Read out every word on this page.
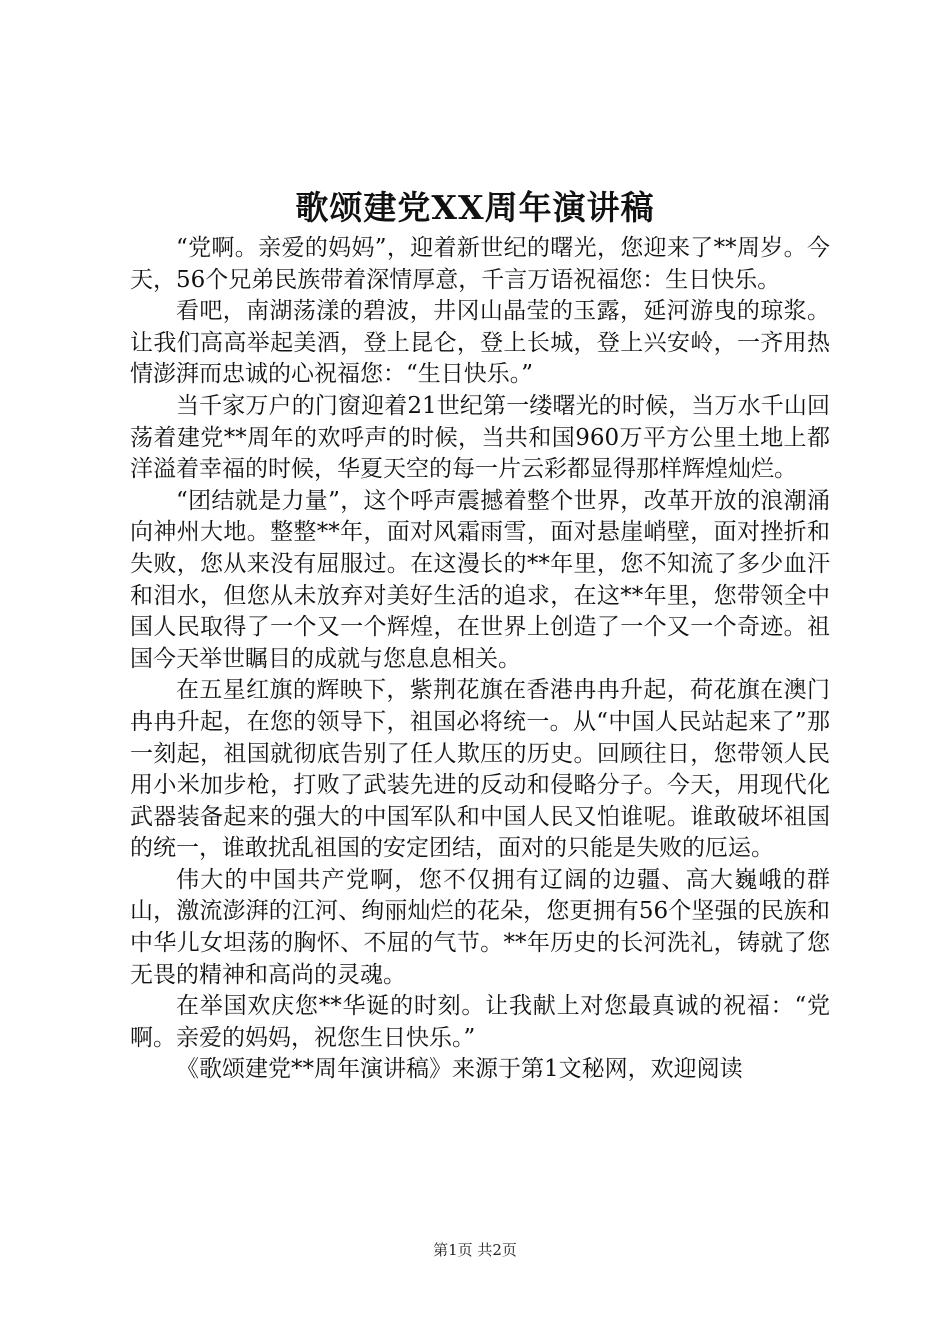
歌颂建党XX周年演讲稿

“党啊。亲爱的妈妈”，迎着新世纪的曙光，您迎来了**周岁。今天，56个兄弟民族带着深情厚意，千言万语祝福您：生日快乐。

看吧，南湖荡漾的碧波，井冈山晶莹的玉露，延河游曳的琼浆。让我们高高举起美酒，登上昆仑，登上长城，登上兴安岭，一齐用热情澎湃而忠诚的心祝福您：“生日快乐。”

当千家万户的门窗迎着21世纪第一缕曙光的时候，当万水千山回荡着建党**周年的欢呼声的时候，当共和国960万平方公里土地上都洋溢着幸福的时候，华夏天空的每一片云彩都显得那样辉煌灿烂。

“团结就是力量”，这个呼声震撼着整个世界，改革开放的浪潮涌向神州大地。整整**年，面对风霜雨雪，面对悬崖峭壁，面对挫折和失败，您从来没有屈服过。在这漫长的**年里，您不知流了多少血汗和泪水，但您从未放弃对美好生活的追求，在这**年里，您带领全中国人民取得了一个又一个辉煌，在世界上创造了一个又一个奇迹。祖国今天举世瞩目的成就与您息息相关。

在五星红旗的辉映下，紫荆花旗在香港冉冉升起，荷花旗在澳门冉冉升起，在您的领导下，祖国必将统一。从“中国人民站起来了”那一刻起，祖国就彻底告别了任人欺压的历史。回顾往日，您带领人民用小米加步枪，打败了武装先进的反动和侵略分子。今天，用现代化武器装备起来的强大的中国军队和中国人民又怕谁呢。谁敢破坏祖国的统一，谁敢扰乱祖国的安定团结，面对的只能是失败的厄运。

伟大的中国共产党啊，您不仅拥有辽阔的边疆、高大巍峨的群山，激流澎湃的江河、绚丽灿烂的花朵，您更拥有56个坚强的民族和中华儿女坦荡的胸怀、不屈的气节。**年历史的长河洗礼，铸就了您无畏的精神和高尚的灵魂。

在举国欢庆您**华诞的时刻。让我献上对您最真诚的祝福：“党啊。亲爱的妈妈，祝您生日快乐。”

《歌颂建党**周年演讲稿》来源于第1文秘网，欢迎阅读

第1页 共2页
